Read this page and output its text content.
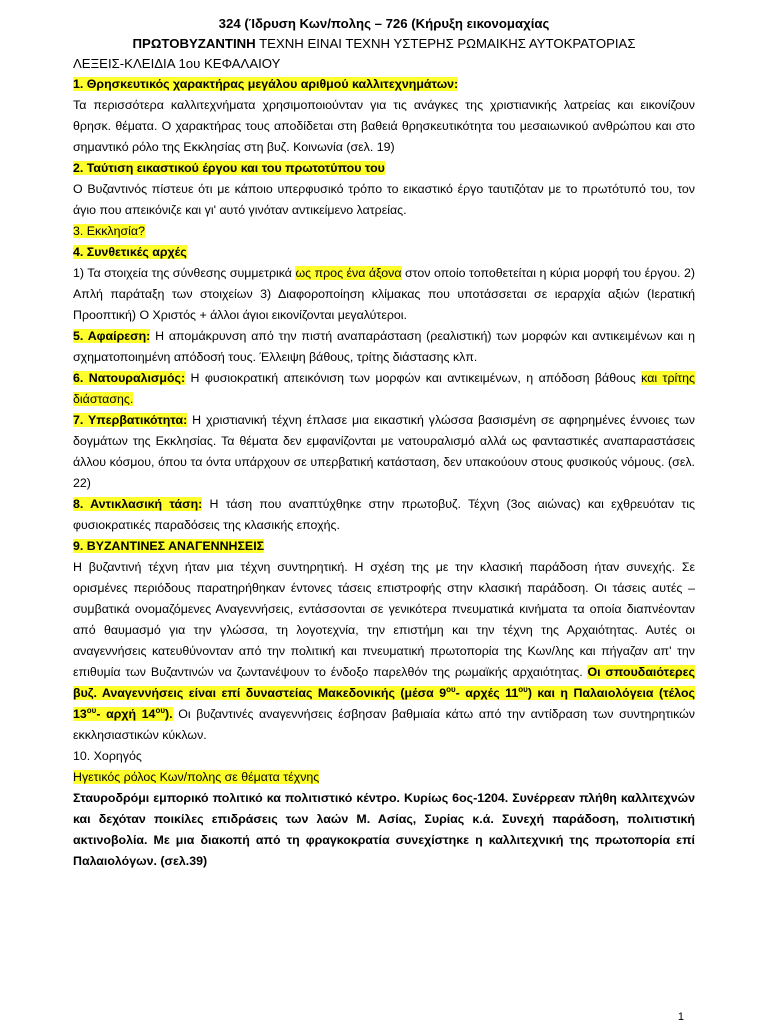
324 (Ίδρυση Κων/πολης – 726 (Κήρυξη εικονομαχίας

ΠΡΩΤΟΒΥΖΑΝΤΙΝΗ ΤΕΧΝΗ ΕΙΝΑΙ ΤΕΧΝΗ ΥΣΤΕΡΗΣ ΡΩΜΑΙΚΗΣ ΑΥΤΟΚΡΑΤΟΡΙΑΣ

ΛΕΞΕΙΣ-ΚΛΕΙΔΙΑ 1ου ΚΕΦΑΛΑΙΟΥ

1. Θρησκευτικός χαρακτήρας μεγάλου αριθμού καλλιτεχνημάτων:

Τα περισσότερα καλλιτεχνήματα χρησιμοποιούνταν για τις ανάγκες της χριστιανικής λατρείας και εικονίζουν θρησκ. θέματα. Ο χαρακτήρας τους αποδίδεται στη βαθειά θρησκευτικότητα του μεσαιωνικού ανθρώπου και στο σημαντικό ρόλο της Εκκλησίας στη βυζ. Κοινωνία (σελ. 19)

2. Ταύτιση εικαστικού έργου και του πρωτοτύπου του

Ο Βυζαντινός πίστευε ότι με κάποιο υπερφυσικό τρόπο το εικαστικό έργο ταυτιζόταν με το πρωτότυπό του, τον άγιο που απεικόνιζε και γι' αυτό γινόταν αντικείμενο λατρείας.

3. Εκκλησία?

4. Συνθετικές αρχές

1) Τα στοιχεία της σύνθεσης συμμετρικά ως προς ένα άξονα στον οποίο τοποθετείται η κύρια μορφή του έργου. 2) Απλή παράταξη των στοιχείων 3) Διαφοροποίηση κλίμακας που υποτάσσεται σε ιεραρχία αξιών (Ιερατική Προοπτική) Ο Χριστός + άλλοι άγιοι εικονίζονται μεγαλύτεροι.

5. Αφαίρεση: Η απομάκρυνση από την πιστή αναπαράσταση (ρεαλιστική) των μορφών και αντικειμένων και η σχηματοποιημένη απόδοσή τους. Έλλειψη βάθους, τρίτης διάστασης κλπ.

6. Νατουραλισμός: Η φυσιοκρατική απεικόνιση των μορφών και αντικειμένων, η απόδοση βάθους και τρίτης διάστασης.

7. Υπερβατικότητα: Η χριστιανική τέχνη έπλασε μια εικαστική γλώσσα βασισμένη σε αφηρημένες έννοιες των δογμάτων της Εκκλησίας. Τα θέματα δεν εμφανίζονται με νατουραλισμό αλλά ως φανταστικές αναπαραστάσεις άλλου κόσμου, όπου τα όντα υπάρχουν σε υπερβατική κατάσταση, δεν υπακούουν στους φυσικούς νόμους. (σελ. 22)

8. Αντικλασική τάση: Η τάση που αναπτύχθηκε στην πρωτοβυζ. Τέχνη (3ος αιώνας) και εχθρευόταν τις φυσιοκρατικές παραδόσεις της κλασικής εποχής.

9. ΒΥΖΑΝΤΙΝΕΣ ΑΝΑΓΕΝΝΗΣΕΙΣ

Η βυζαντινή τέχνη ήταν μια τέχνη συντηρητική. Η σχέση της με την κλασική παράδοση ήταν συνεχής. Σε ορισμένες περιόδους παρατηρήθηκαν έντονες τάσεις επιστροφής στην κλασική παράδοση. Οι τάσεις αυτές – συμβατικά ονομαζόμενες Αναγεννήσεις, εντάσσονται σε γενικότερα πνευματικά κινήματα τα οποία διαπνέονταν από θαυμασμό για την γλώσσα, τη λογοτεχνία, την επιστήμη και την τέχνη της Αρχαιότητας. Αυτές οι αναγεννήσεις κατευθύνονταν από την πολιτική και πνευματική πρωτοπορία της Κων/λης και πήγαζαν απ' την επιθυμία των Βυζαντινών να ζωντανέψουν το ένδοξο παρελθόν της ρωμαϊκής αρχαιότητας. Οι σπουδαιότερες βυζ. Αναγεννήσεις είναι επί δυναστείας Μακεδονικής (μέσα $9^{o\upsilon}-$ αρχές $11^{o\upsilon}$) και η Παλαιολόγεια (τέλος $13^{o\upsilon}-$ αρχή $14^{o\upsilon}$). Οι βυζαντινές αναγεννήσεις έσβησαν βαθμιαία κάτω από την αντίδραση των συντηρητικών εκκλησιαστικών κύκλων.

10. Χορηγός

Ηγετικός ρόλος Κων/πολης σε θέματα τέχνης

Σταυροδρόμι εμπορικό πολιτικό κα πολιτιστικό κέντρο. Κυρίως 6ος-1204. Συνέρρεαν πλήθη καλλιτεχνών και δεχόταν ποικίλες επιδράσεις των λαών Μ. Ασίας, Συρίας κ.ά. Συνεχή παράδοση, πολιτιστική ακτινοβολία. Με μια διακοπή από τη φραγκοκρατία συνεχίστηκε η καλλιτεχνική της πρωτοπορία επί Παλαιολόγων. (σελ.39)

1
